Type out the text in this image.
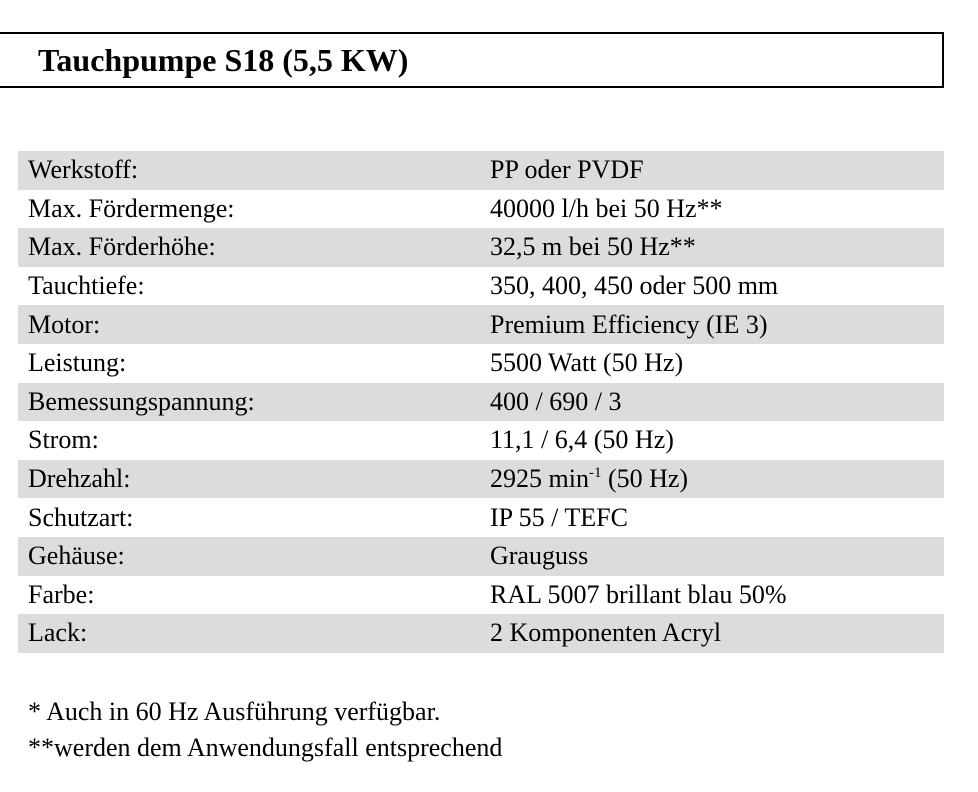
Tauchpumpe S18 (5,5 KW)
Werkstoff:	PP oder PVDF
Max. Fördermenge:	40000 l/h bei 50 Hz**
Max. Förderhöhe:	32,5 m bei 50 Hz**
Tauchtiefe:	350, 400, 450 oder 500 mm
Motor:	Premium Efficiency (IE 3)
Leistung:	5500 Watt (50 Hz)
Bemessungspannung:	400 / 690 / 3
Strom:	11,1 / 6,4 (50 Hz)
Drehzahl:	2925 $\min^{-1} (50$ Hz)
Schutzart:	IP 55 / TEFC
Gehäuse:	Grauguss
Farbe:	RAL 5007 brillant blau 50%
Lack:	2 Komponenten Acryl
* Auch in 60 Hz Ausführung verfügbar.
**werden dem Anwendungsfall entsprechend
